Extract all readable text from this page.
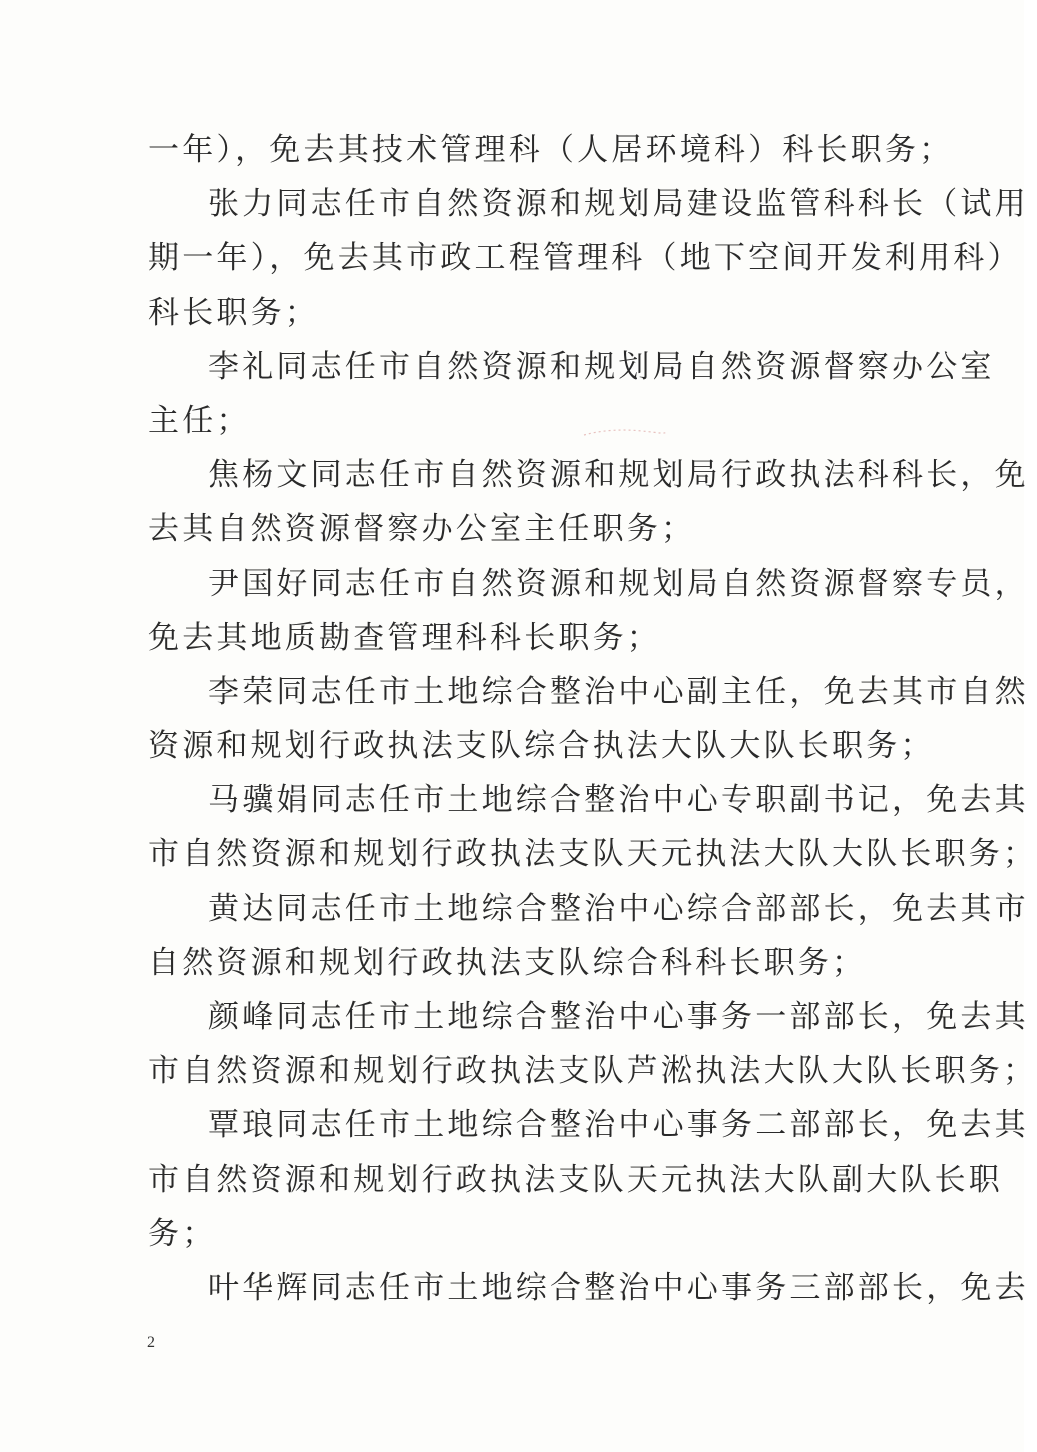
一年），免去其技术管理科（人居环境科）科长职务；
张力同志任市自然资源和规划局建设监管科科长（试用
期一年），免去其市政工程管理科（地下空间开发利用科）
科长职务；
李礼同志任市自然资源和规划局自然资源督察办公室
主任；
焦杨文同志任市自然资源和规划局行政执法科科长，免
去其自然资源督察办公室主任职务；
尹国好同志任市自然资源和规划局自然资源督察专员，
免去其地质勘查管理科科长职务；
李荣同志任市土地综合整治中心副主任，免去其市自然
资源和规划行政执法支队综合执法大队大队长职务；
马骥娟同志任市土地综合整治中心专职副书记，免去其
市自然资源和规划行政执法支队天元执法大队大队长职务；
黄达同志任市土地综合整治中心综合部部长，免去其市
自然资源和规划行政执法支队综合科科长职务；
颜峰同志任市土地综合整治中心事务一部部长，免去其
市自然资源和规划行政执法支队芦淞执法大队大队长职务；
覃琅同志任市土地综合整治中心事务二部部长，免去其
市自然资源和规划行政执法支队天元执法大队副大队长职
务；
叶华辉同志任市土地综合整治中心事务三部部长，免去
2
